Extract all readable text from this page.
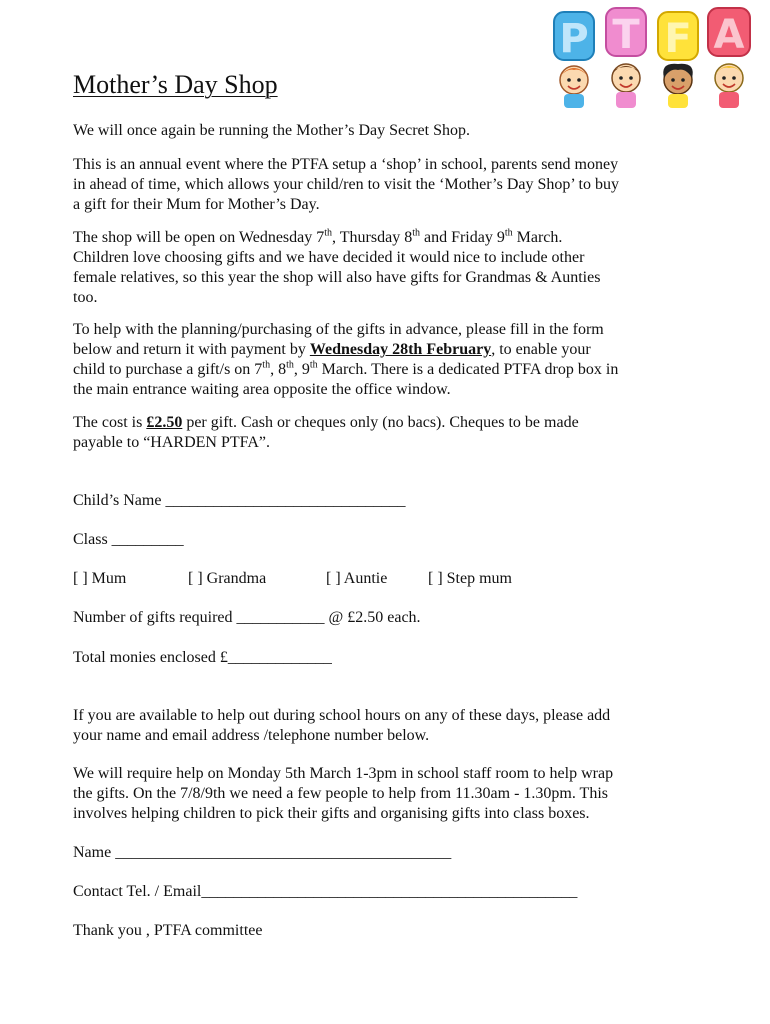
P T F A
Mother’s Day Shop
We will once again be running the Mother’s Day Secret Shop.
This is an annual event where the PTFA setup a ‘shop’ in school, parents send money
in ahead of time, which allows your child/ren to visit the ‘Mother’s Day Shop’ to buy
a gift for their Mum for Mother’s Day.
The shop will be open on Wednesday 7th, Thursday 8th and Friday 9th March.
Children love choosing gifts and we have decided it would nice to include other
female relatives, so this year the shop will also have gifts for Grandmas & Aunties
too.
To help with the planning/purchasing of the gifts in advance, please fill in the form
below and return it with payment by Wednesday 28th February, to enable your
child to purchase a gift/s on 7th, 8th, 9th March. There is a dedicated PTFA drop box in
the main entrance waiting area opposite the office window.
The cost is £2.50 per gift. Cash or cheques only (no bacs). Cheques to be made
payable to “HARDEN PTFA”.
Child’s Name ______________________________
Class _________
[ ] Mum	[ ] Grandma	[ ] Auntie	[ ] Step mum
Number of gifts required ___________ @ £2.50 each.
Total monies enclosed £_____________
If you are available to help out during school hours on any of these days, please add
your name and email address /telephone number below.
We will require help on Monday 5th March 1-3pm in school staff room to help wrap
the gifts. On the 7/8/9th we need a few people to help from 11.30am - 1.30pm. This
involves helping children to pick their gifts and organising gifts into class boxes.
Name __________________________________________
Contact Tel. / Email_______________________________________________
Thank you , PTFA committee
